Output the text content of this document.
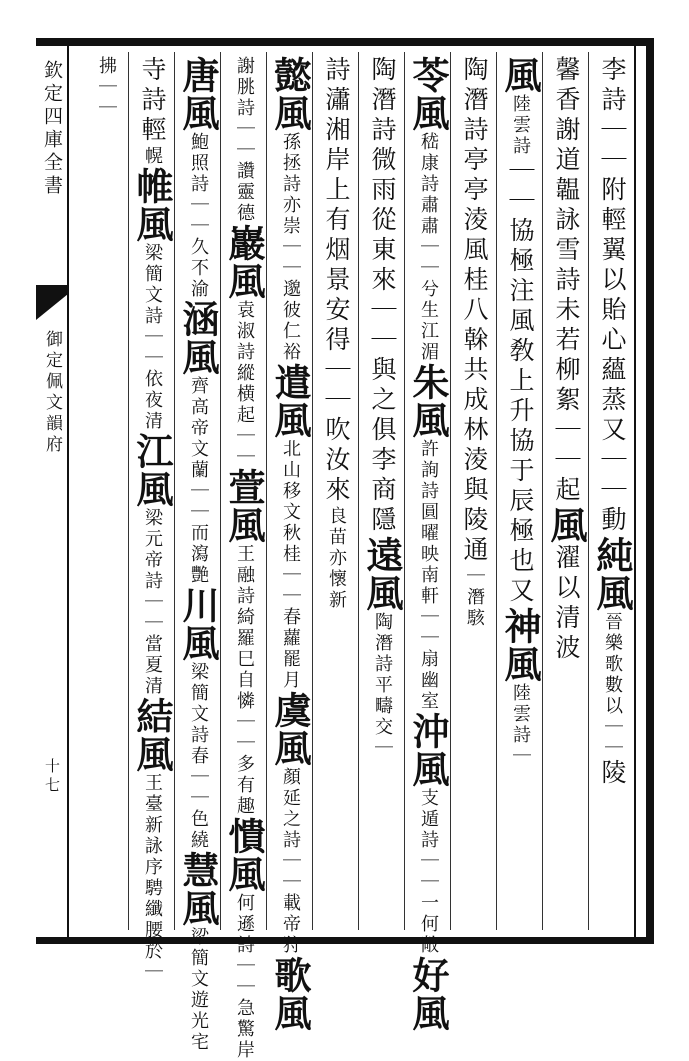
欽定四庫全書
御定佩文韻府
十七
李詩｜｜附輕翼以貽心蘊蒸又｜｜動純風晉樂歌數以｜｜陵
馨香謝道韞詠雪詩未若柳絮｜｜起風濯以清波
風陸雲詩｜｜協極注風敎上升協于辰極也又神風陸雲詩｜
陶潛詩亭亭淩風桂八榦共成林淩與陵通｜潛駭
苓風嵇康詩肅肅｜｜兮生江湄朱風許詢詩圓曜映南軒｜｜扇幽室沖風支遁詩｜｜一何敞好風
陶潛詩微雨從東來｜｜與之俱李商隱遠風陶潛詩平疇交｜
詩瀟湘岸上有烟景安得｜｜吹汝來良苗亦懷新
懿風孫拯詩亦崇｜｜邈彼仁裕遣風北山移文秋桂｜｜春蘿罷月虞風顏延之詩｜｜載帝狩歌風
謝朓詩｜｜讚靈德巖風袁淑詩縱横起｜｜萱風王融詩綺羅巳自憐｜｜多有趣憒風何遜詩｜｜急驚岸
唐風鮑照詩｜｜久不渝涵風齊高帝文蘭｜｜而瀉艷川風梁簡文詩春｜｜色繞慧風梁簡文遊光宅
寺詩輕幌帷風梁簡文詩｜｜依夜清江風梁元帝詩｜｜當夏清結風王臺新詠序騁纖腰於｜
拂｜｜
